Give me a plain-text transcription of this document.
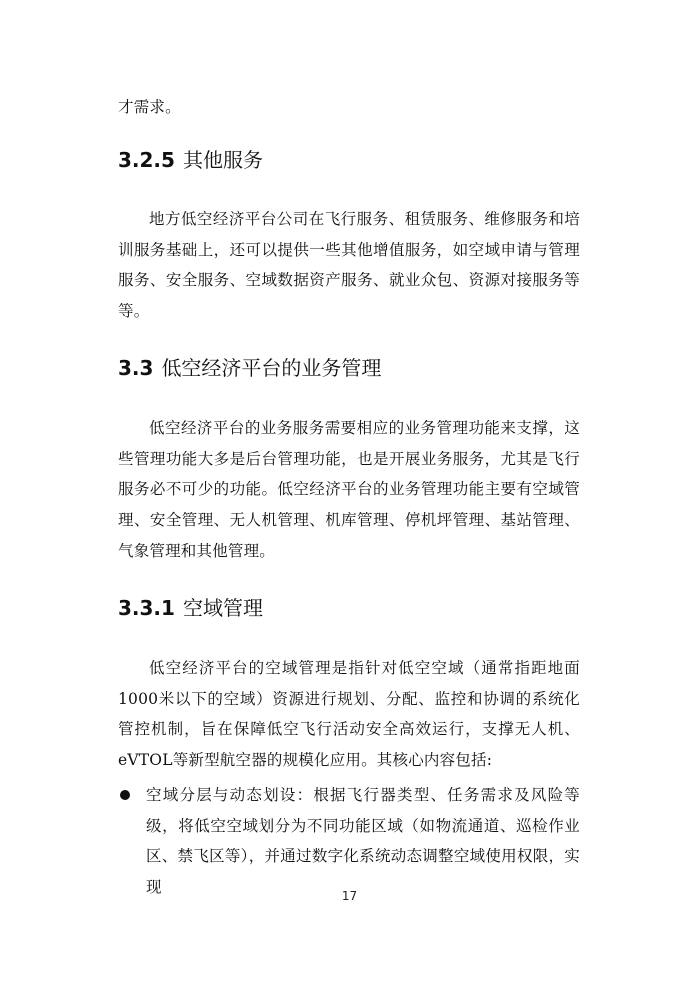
才需求。

3.2.5 其他服务

地方低空经济平台公司在飞行服务、租赁服务、维修服务和培训服务基础上，还可以提供一些其他增值服务，如空域申请与管理服务、安全服务、空域数据资产服务、就业众包、资源对接服务等等。

3.3 低空经济平台的业务管理

低空经济平台的业务服务需要相应的业务管理功能来支撑，这些管理功能大多是后台管理功能，也是开展业务服务，尤其是飞行服务必不可少的功能。低空经济平台的业务管理功能主要有空域管理、安全管理、无人机管理、机库管理、停机坪管理、基站管理、气象管理和其他管理。

3.3.1 空域管理

低空经济平台的空域管理是指针对低空空域（通常指距地面1000米以下的空域）资源进行规划、分配、监控和协调的系统化管控机制，旨在保障低空飞行活动安全高效运行，支撑无人机、eVTOL等新型航空器的规模化应用。其核心内容包括:

空域分层与动态划设：根据飞行器类型、任务需求及风险等级，将低空空域划分为不同功能区域（如物流通道、巡检作业区、禁飞区等），并通过数字化系统动态调整空域使用权限，实现	17
